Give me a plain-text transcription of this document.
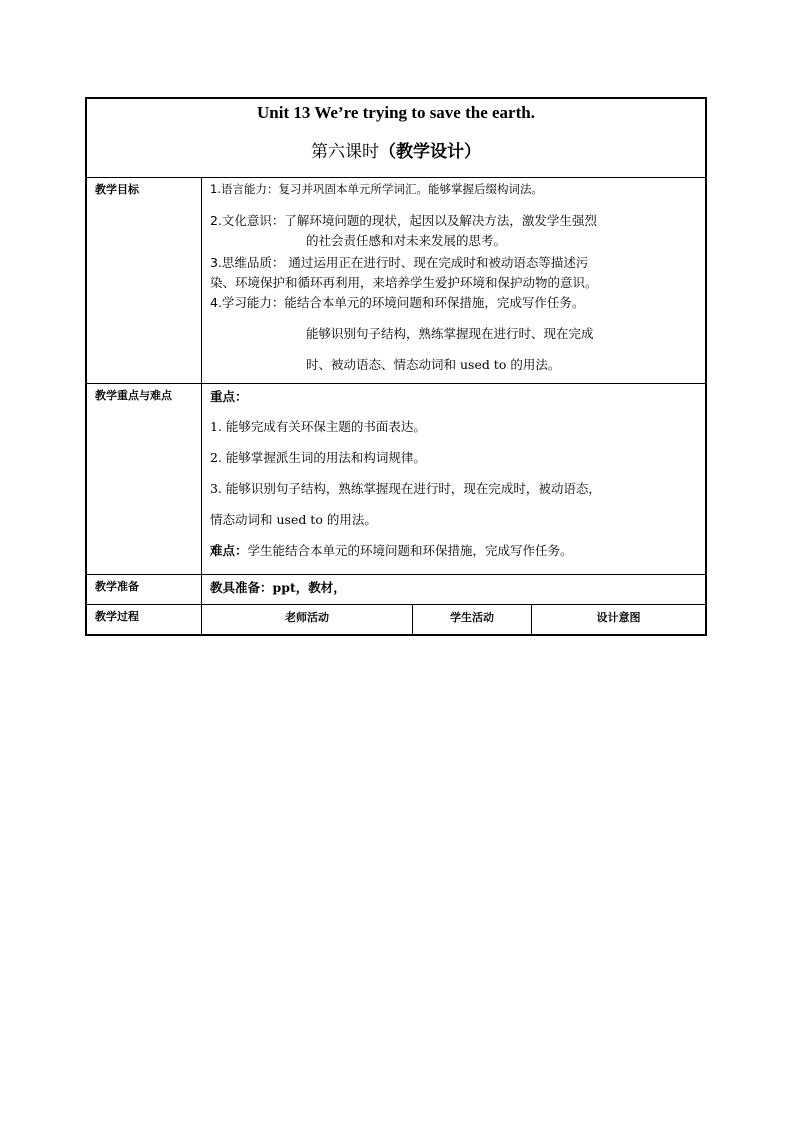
Unit 13 We’re trying to save the earth.
第六课时（教学设计）
教学目标	1.语言能力：复习并巩固本单元所学词汇。能够掌握后缀构词法。
2.文化意识：了解环境问题的现状，起因以及解决方法，激发学生强烈
的社会责任感和对未来发展的思考。
3.思维品质： 通过运用正在进行时、现在完成时和被动语态等描述污
染、环境保护和循环再利用，来培养学生爱护环境和保护动物的意识。
4.学习能力：能结合本单元的环境问题和环保措施，完成写作任务。
能够识别句子结构，熟练掌握现在进行时、现在完成
时、被动语态、情态动词和 used to 的用法。
教学重点与难点	重点：
1. 能够完成有关环保主题的书面表达。
2. 能够掌握派生词的用法和构词规律。
3. 能够识别句子结构，熟练掌握现在进行时，现在完成时，被动语态，
情态动词和 used to 的用法。
难点：学生能结合本单元的环境问题和环保措施，完成写作任务。
教学准备	教具准备：ppt，教材，
教学过程	老师活动	学生活动	设计意图
